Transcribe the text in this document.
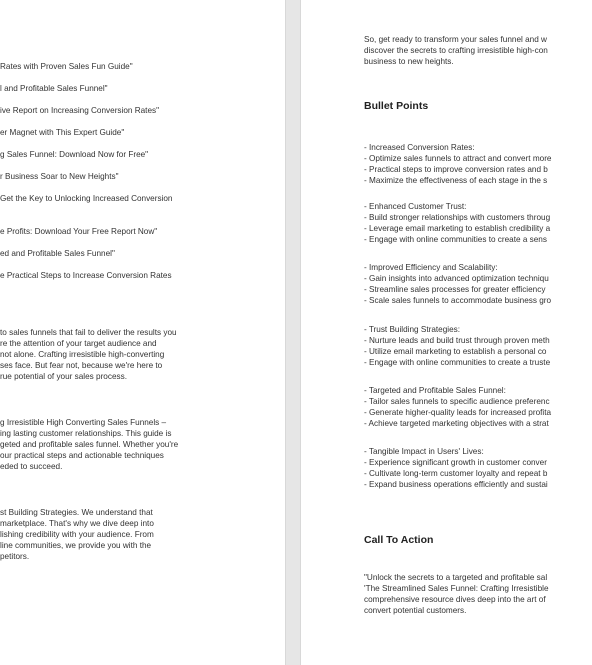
Rates with Proven Sales Fun Guide"
l and Profitable Sales Funnel"
ive Report on Increasing Conversion Rates"
er Magnet with This Expert Guide"
g Sales Funnel: Download Now for Free"
r Business Soar to New Heights"
Get the Key to Unlocking Increased Conversion
e Profits: Download Your Free Report Now"
ed and Profitable Sales Funnel"
e Practical Steps to Increase Conversion Rates
to sales funnels that fail to deliver the results you
re the attention of your target audience and
not alone. Crafting irresistible high-converting
ses face. But fear not, because we're here to
rue potential of your sales process.
g Irresistible High Converting Sales Funnels –
ing lasting customer relationships. This guide is
geted and profitable sales funnel. Whether you're
our practical steps and actionable techniques
eded to succeed.
st Building Strategies. We understand that
marketplace. That's why we dive deep into
lishing credibility with your audience. From
line communities, we provide you with the
petitors.
So, get ready to transform your sales funnel and w
discover the secrets to crafting irresistible high-con
business to new heights.
Bullet Points
- Increased Conversion Rates:
- Optimize sales funnels to attract and convert more
- Practical steps to improve conversion rates and b
- Maximize the effectiveness of each stage in the s
- Enhanced Customer Trust:
- Build stronger relationships with customers throug
- Leverage email marketing to establish credibility a
- Engage with online communities to create a sens
- Improved Efficiency and Scalability:
- Gain insights into advanced optimization techniqu
- Streamline sales processes for greater efficiency
- Scale sales funnels to accommodate business gro
- Trust Building Strategies:
- Nurture leads and build trust through proven meth
- Utilize email marketing to establish a personal co
- Engage with online communities to create a truste
- Targeted and Profitable Sales Funnel:
- Tailor sales funnels to specific audience preferenc
- Generate higher-quality leads for increased profita
- Achieve targeted marketing objectives with a strat
- Tangible Impact in Users' Lives:
- Experience significant growth in customer conver
- Cultivate long-term customer loyalty and repeat b
- Expand business operations efficiently and sustai
Call To Action
"Unlock the secrets to a targeted and profitable sal
'The Streamlined Sales Funnel: Crafting Irresistible
comprehensive resource dives deep into the art of
convert potential customers.
